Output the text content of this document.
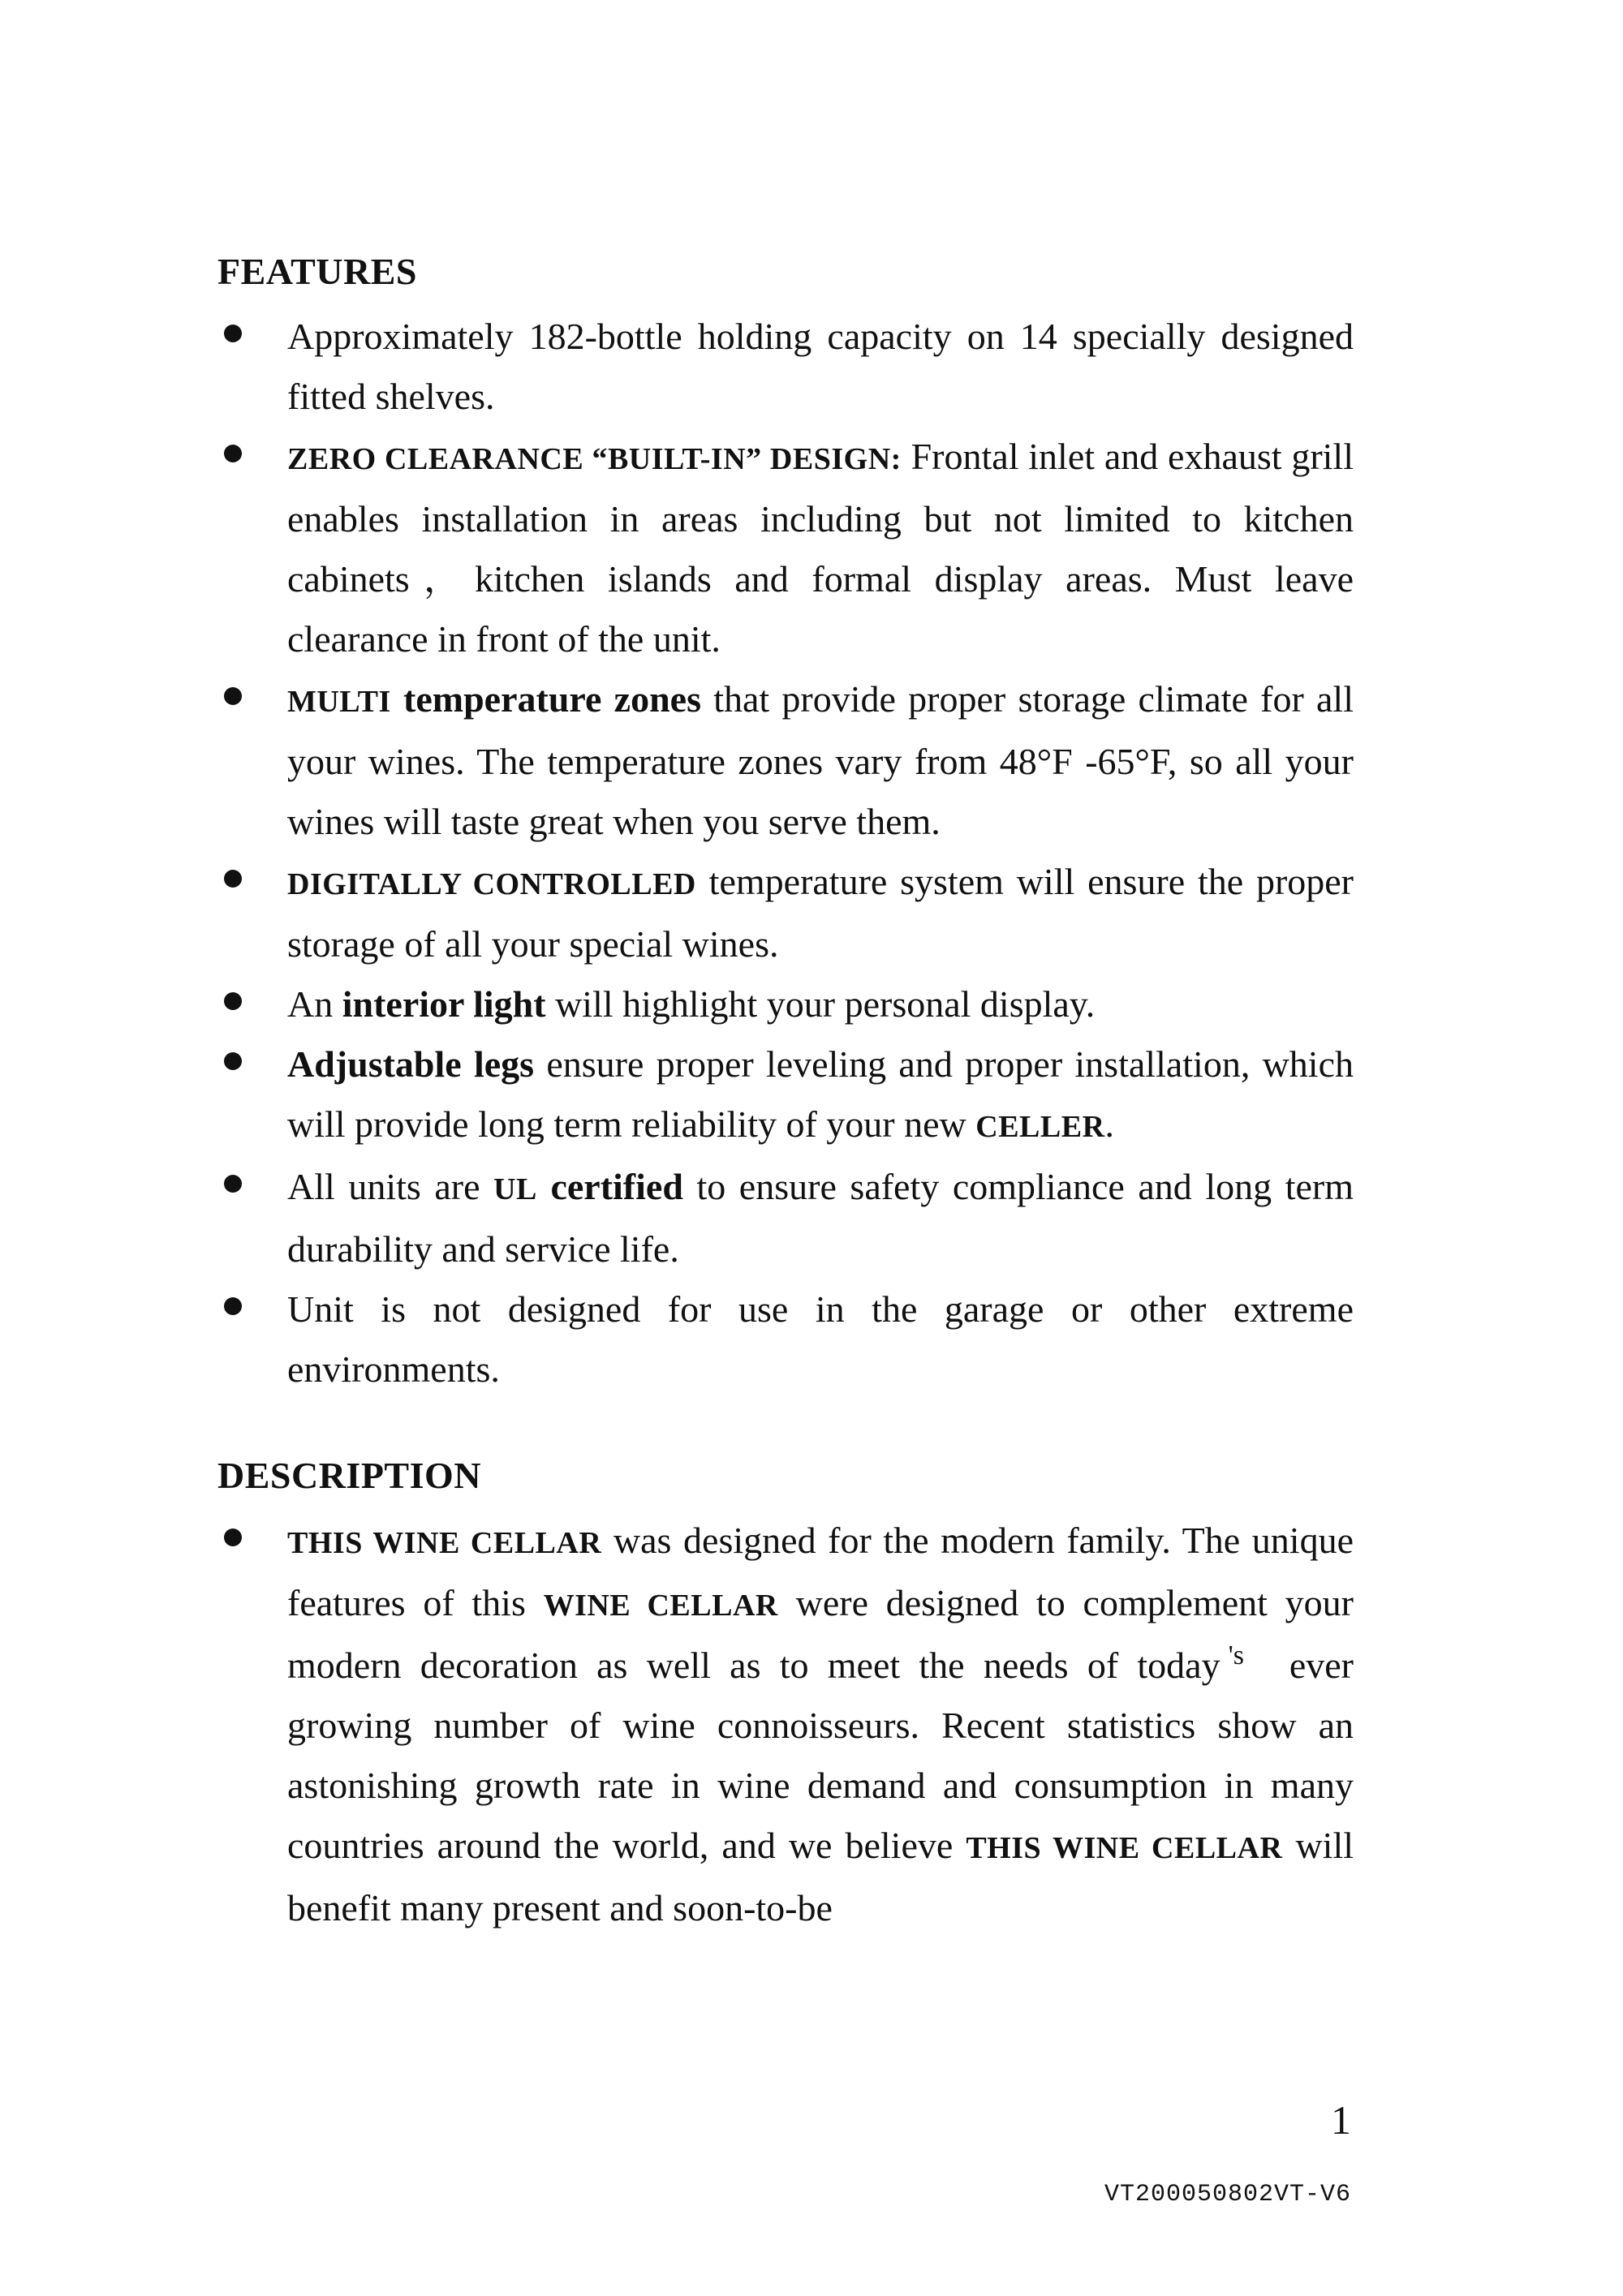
FEATURES
Approximately 182-bottle holding capacity on 14 specially designed fitted shelves.
ZERO CLEARANCE “BUILT-IN” DESIGN: Frontal inlet and exhaust grill enables installation in areas including but not limited to kitchen cabinets，kitchen islands and formal display areas. Must leave clearance in front of the unit.
MULTI temperature zones that provide proper storage climate for all your wines. The temperature zones vary from 48°F -65°F, so all your wines will taste great when you serve them.
DIGITALLY CONTROLLED temperature system will ensure the proper storage of all your special wines.
An interior light will highlight your personal display.
Adjustable legs ensure proper leveling and proper installation, which will provide long term reliability of your new CELLER.
All units are UL certified to ensure safety compliance and long term durability and service life.
Unit is not designed for use in the garage or other extreme environments.
DESCRIPTION
THIS WINE CELLAR was designed for the modern family. The unique features of this WINE CELLAR were designed to complement your modern decoration as well as to meet the needs of today 's ever growing number of wine connoisseurs. Recent statistics show an astonishing growth rate in wine demand and consumption in many countries around the world, and we believe THIS WINE CELLAR will benefit many present and soon-to-be
1
VT200050802VT-V6
